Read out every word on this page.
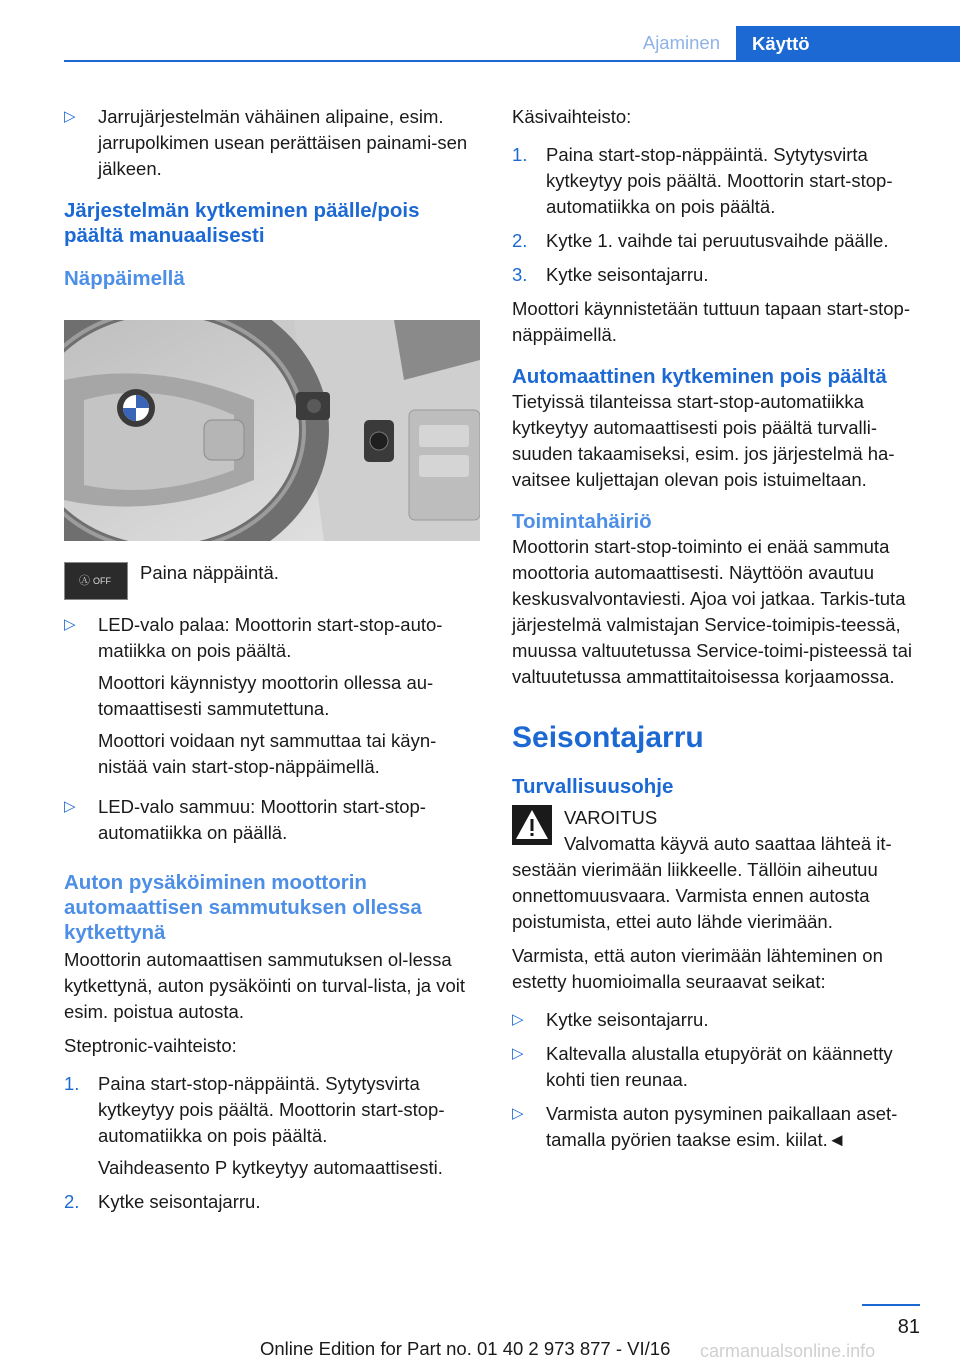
Ajaminen	Käyttö
▷ Jarrujärjestelmän vähäinen alipaine, esim. jarrupolkimen usean perättäisen painami-sen jälkeen.
Järjestelmän kytkeminen päälle/pois päältä manuaalisesti
Näppäimellä
Ⓐ OFF Paina näppäintä.
▷ LED-valo palaa: Moottorin start-stop-auto-matiikka on pois päältä.
Moottori käynnistyy moottorin ollessa au-tomaattisesti sammutettuna.
Moottori voidaan nyt sammuttaa tai käyn-nistää vain start-stop-näppäimellä.
▷ LED-valo sammuu: Moottorin start-stop-automatiikka on päällä.
Auton pysäköiminen moottorin automaattisen sammutuksen ollessa kytkettynä
Moottorin automaattisen sammutuksen ol-lessa kytkettynä, auton pysäköinti on turval-lista, ja voit esim. poistua autosta.
Steptronic-vaihteisto:
1. Paina start-stop-näppäintä. Sytytysvirta kytkeytyy pois päältä. Moottorin start-stop-automatiikka on pois päältä.
Vaihdeasento P kytkeytyy automaattisesti.
2. Kytke seisontajarru.
Käsivaihteisto:
1. Paina start-stop-näppäintä. Sytytysvirta kytkeytyy pois päältä. Moottorin start-stop-automatiikka on pois päältä.
2. Kytke 1. vaihde tai peruutusvaihde päälle.
3. Kytke seisontajarru.
Moottori käynnistetään tuttuun tapaan start-stop-näppäimellä.
Automaattinen kytkeminen pois päältä
Tietyissä tilanteissa start-stop-automatiikka kytkeytyy automaattisesti pois päältä turvalli-suuden takaamiseksi, esim. jos järjestelmä ha-vaitsee kuljettajan olevan pois istuimeltaan.
Toimintahäiriö
Moottorin start-stop-toiminto ei enää sammuta moottoria automaattisesti. Näyttöön avautuu keskusvalvontaviesti. Ajoa voi jatkaa. Tarkis-tuta järjestelmä valmistajan Service-toimipis-teessä, muussa valtuutetussa Service-toimi-pisteessä tai valtuutetussa ammattitaitoisessa korjaamossa.
Seisontajarru
Turvallisuusohje
VAROITUS
Valvomatta käyvä auto saattaa lähteä it-sestään vierimään liikkeelle. Tällöin aiheutuu onnettomuusvaara. Varmista ennen autosta poistumista, ettei auto lähde vierimään.
Varmista, että auton vierimään lähteminen on estetty huomioimalla seuraavat seikat:
▷ Kytke seisontajarru.
▷ Kaltevalla alustalla etupyörät on käännetty kohti tien reunaa.
▷ Varmista auton pysyminen paikallaan aset-tamalla pyörien taakse esim. kiilat.◄
81
carmanualsonline.info
Online Edition for Part no. 01 40 2 973 877 - VI/16
